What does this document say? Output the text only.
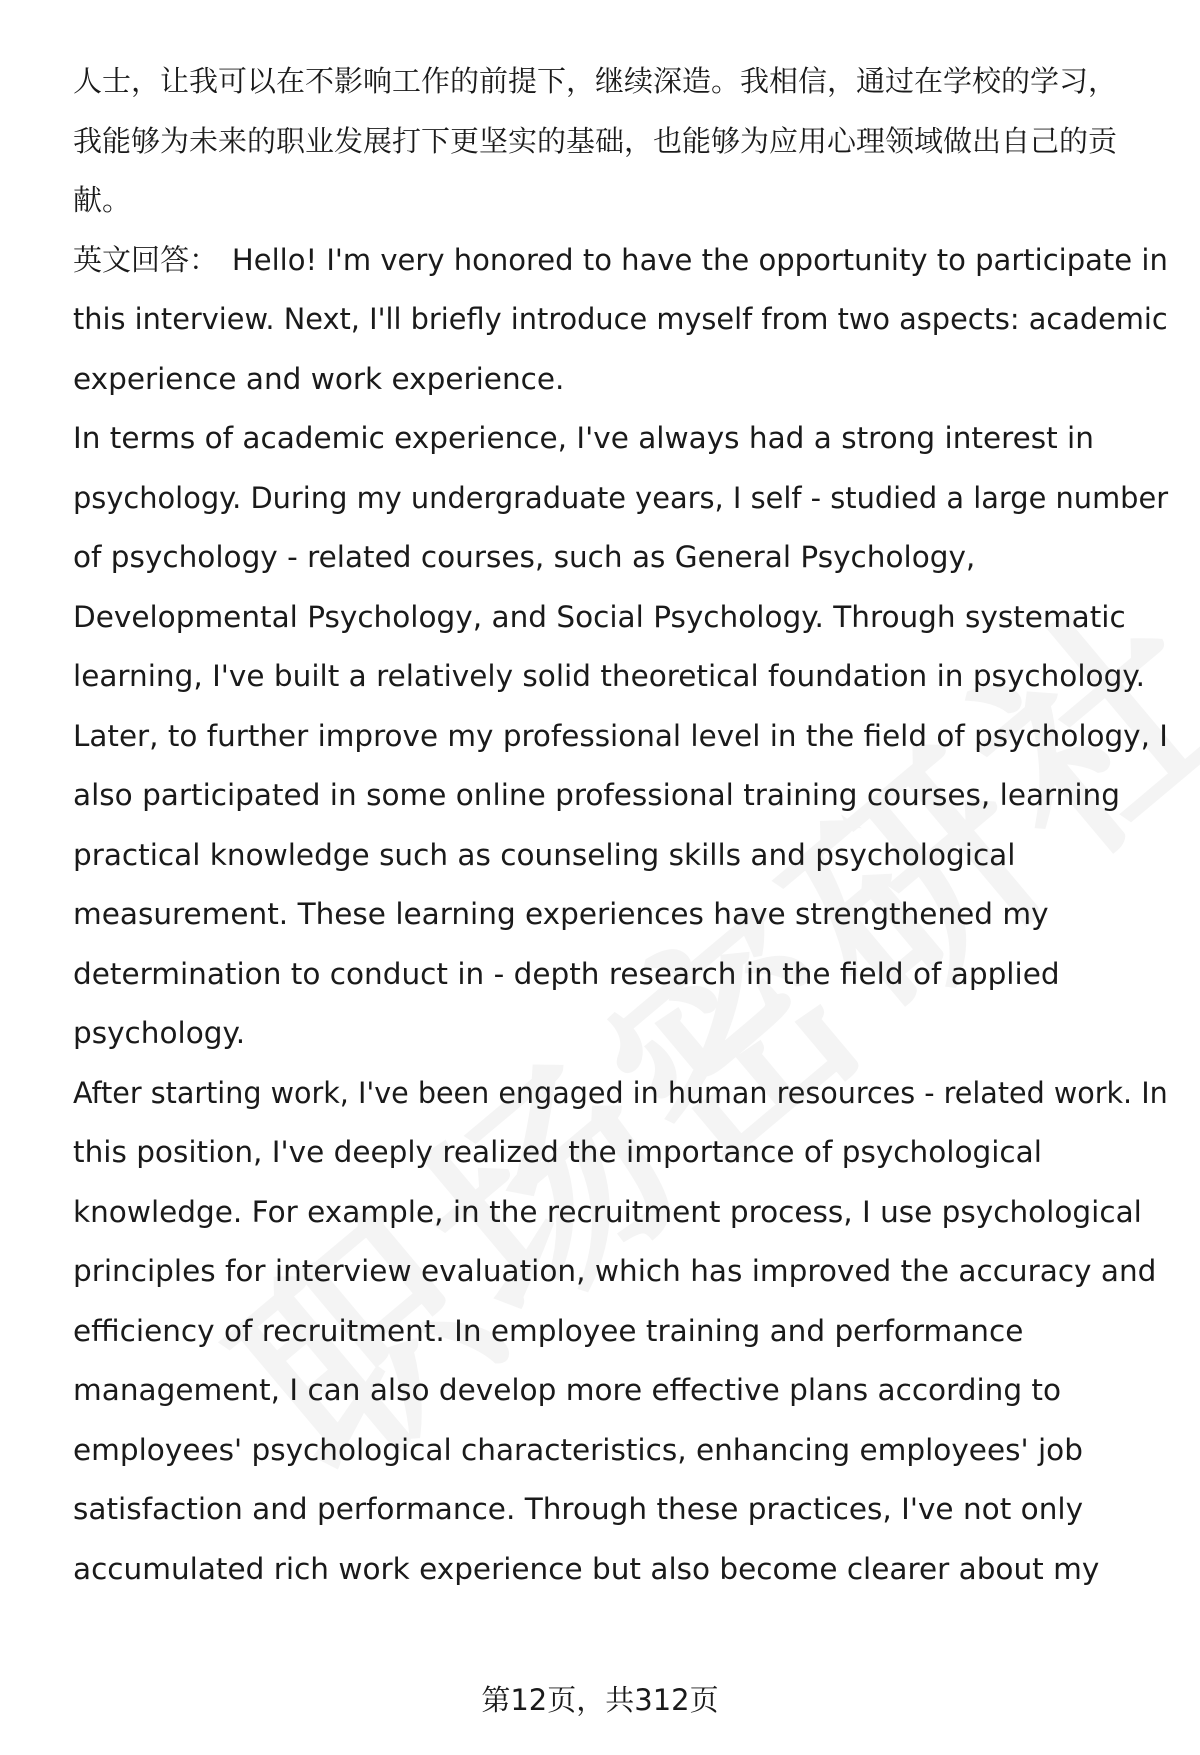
人士，让我可以在不影响工作的前提下，继续深造。我相信，通过在学校的学习，
我能够为未来的职业发展打下更坚实的基础，也能够为应用心理领域做出自己的贡
献。

英文回答： Hello! I'm very honored to have the opportunity to participate in
this interview. Next, I'll briefly introduce myself from two aspects: academic
experience and work experience.

In terms of academic experience, I've always had a strong interest in
psychology. During my undergraduate years, I self - studied a large number
of psychology - related courses, such as General Psychology,
Developmental Psychology, and Social Psychology. Through systematic
learning, I've built a relatively solid theoretical foundation in psychology.
Later, to further improve my professional level in the field of psychology, I
also participated in some online professional training courses, learning
practical knowledge such as counseling skills and psychological
measurement. These learning experiences have strengthened my
determination to conduct in - depth research in the field of applied
psychology.

After starting work, I've been engaged in human resources - related work. In
this position, I've deeply realized the importance of psychological
knowledge. For example, in the recruitment process, I use psychological
principles for interview evaluation, which has improved the accuracy and
efficiency of recruitment. In employee training and performance
management, I can also develop more effective plans according to
employees' psychological characteristics, enhancing employees' job
satisfaction and performance. Through these practices, I've not only
accumulated rich work experience but also become clearer about my

第12页，共312页
